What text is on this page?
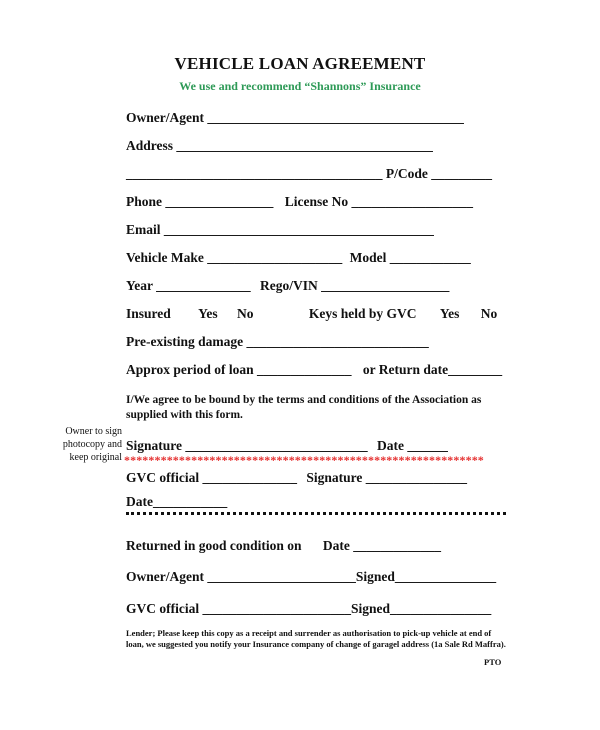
VEHICLE LOAN AGREEMENT
We use and recommend “Shannons” Insurance
Owner/Agent ______________________________________
Address ______________________________________
______________________________________ P/Code _________
Phone ________________ License No __________________
Email ________________________________________
Vehicle Make ____________________ Model ____________
Year ______________ Rego/VIN ___________________
Insured Yes No	Keys held by GVC Yes No
Pre-existing damage ___________________________
Approx period of loan ______________ or Return date________
I/We agree to be bound by the terms and conditions of the Association as supplied with this form.
Owner to sign photocopy and keep original
Signature ___________________________ Date ______
***********************************************************
GVC official ______________ Signature _______________
Date___________
Returned in good condition on Date _____________
Owner/Agent ______________________Signed_______________
GVC official ______________________Signed_______________
Lender; Please keep this copy as a receipt and surrender as authorisation to pick-up vehicle at end of loan, we suggested you notify your Insurance company of change of garagel address (1a Sale Rd Maffra).
PTO
